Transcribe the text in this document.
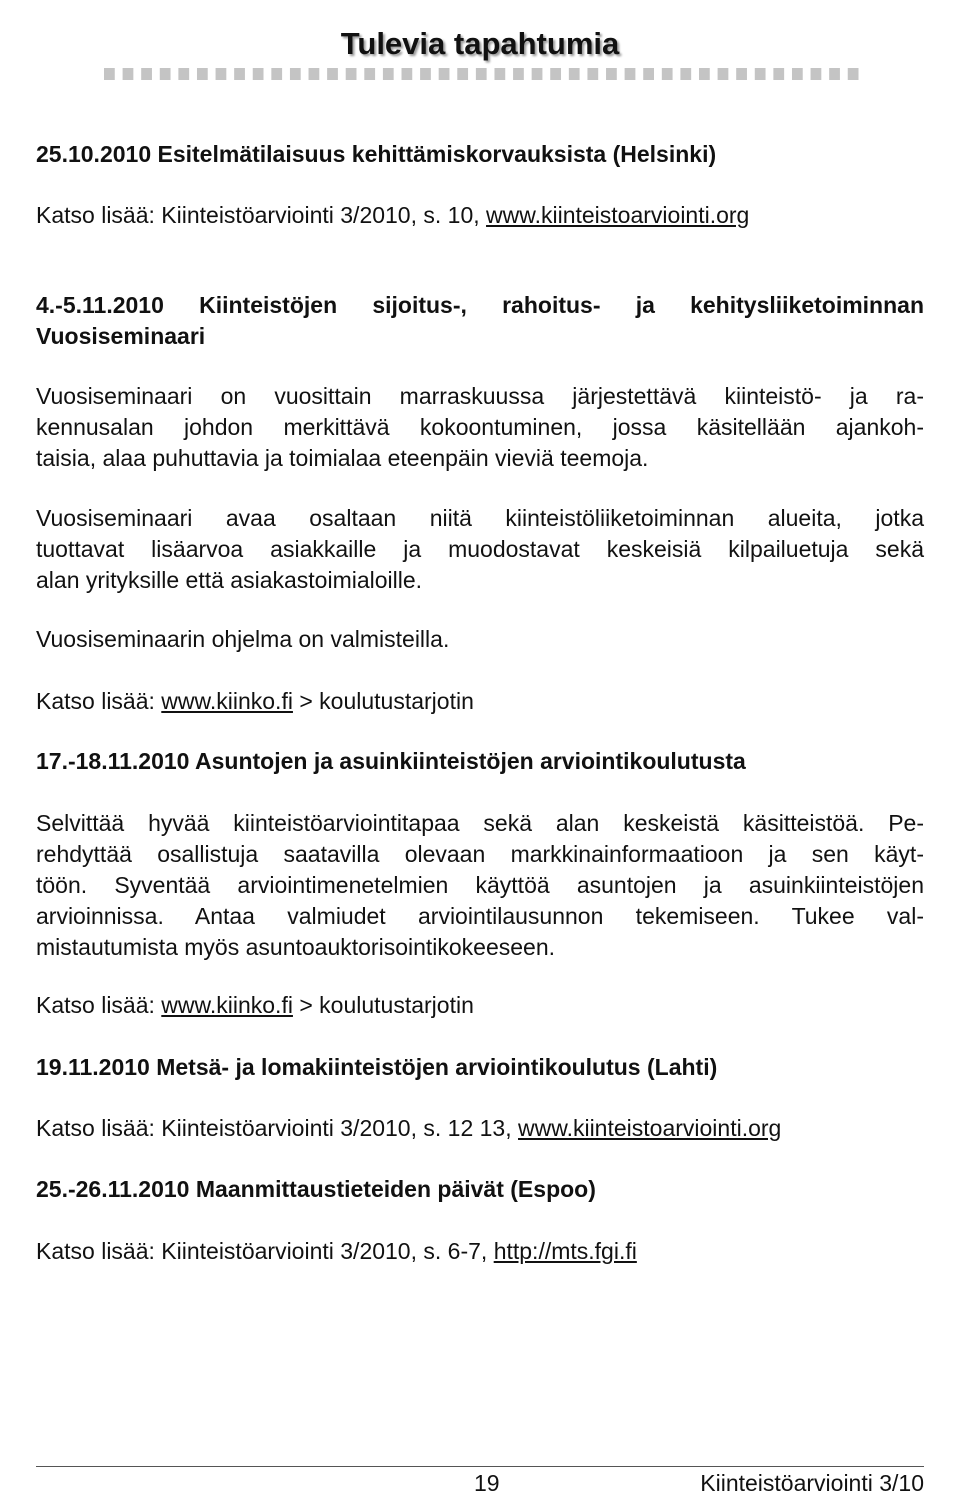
Tulevia tapahtumia

25.10.2010 Esitelmätilaisuus kehittämiskorvauksista (Helsinki)

Katso lisää: Kiinteistöarviointi 3/2010, s. 10, www.kiinteistoarviointi.org

4.-5.11.2010 Kiinteistöjen sijoitus-, rahoitus- ja kehitysliiketoiminnan
Vuosiseminaari

Vuosiseminaari on vuosittain marraskuussa järjestettävä kiinteistö- ja ra-
kennusalan johdon merkittävä kokoontuminen, jossa käsitellään ajankoh-
taisia, alaa puhuttavia ja toimialaa eteenpäin vieviä teemoja.

Vuosiseminaari avaa osaltaan niitä kiinteistöliiketoiminnan alueita, jotka
tuottavat lisäarvoa asiakkaille ja muodostavat keskeisiä kilpailuetuja sekä
alan yrityksille että asiakastoimialoille.

Vuosiseminaarin ohjelma on valmisteilla.

Katso lisää: www.kiinko.fi > koulutustarjotin

17.-18.11.2010 Asuntojen ja asuinkiinteistöjen arviointikoulutusta

Selvittää hyvää kiinteistöarviointitapaa sekä alan keskeistä käsitteistöä. Pe-
rehdyttää osallistuja saatavilla olevaan markkinainformaatioon ja sen käyt-
töön. Syventää arviointimenetelmien käyttöä asuntojen ja asuinkiinteistöjen
arvioinnissa. Antaa valmiudet arviointilausunnon tekemiseen. Tukee val-
mistautumista myös asuntoauktorisointikokeeseen.

Katso lisää: www.kiinko.fi > koulutustarjotin

19.11.2010 Metsä- ja lomakiinteistöjen arviointikoulutus (Lahti)

Katso lisää: Kiinteistöarviointi 3/2010, s. 12 13, www.kiinteistoarviointi.org

25.-26.11.2010 Maanmittaustieteiden päivät (Espoo)

Katso lisää: Kiinteistöarviointi 3/2010, s. 6-7, http://mts.fgi.fi

19	Kiinteistöarviointi 3/10
